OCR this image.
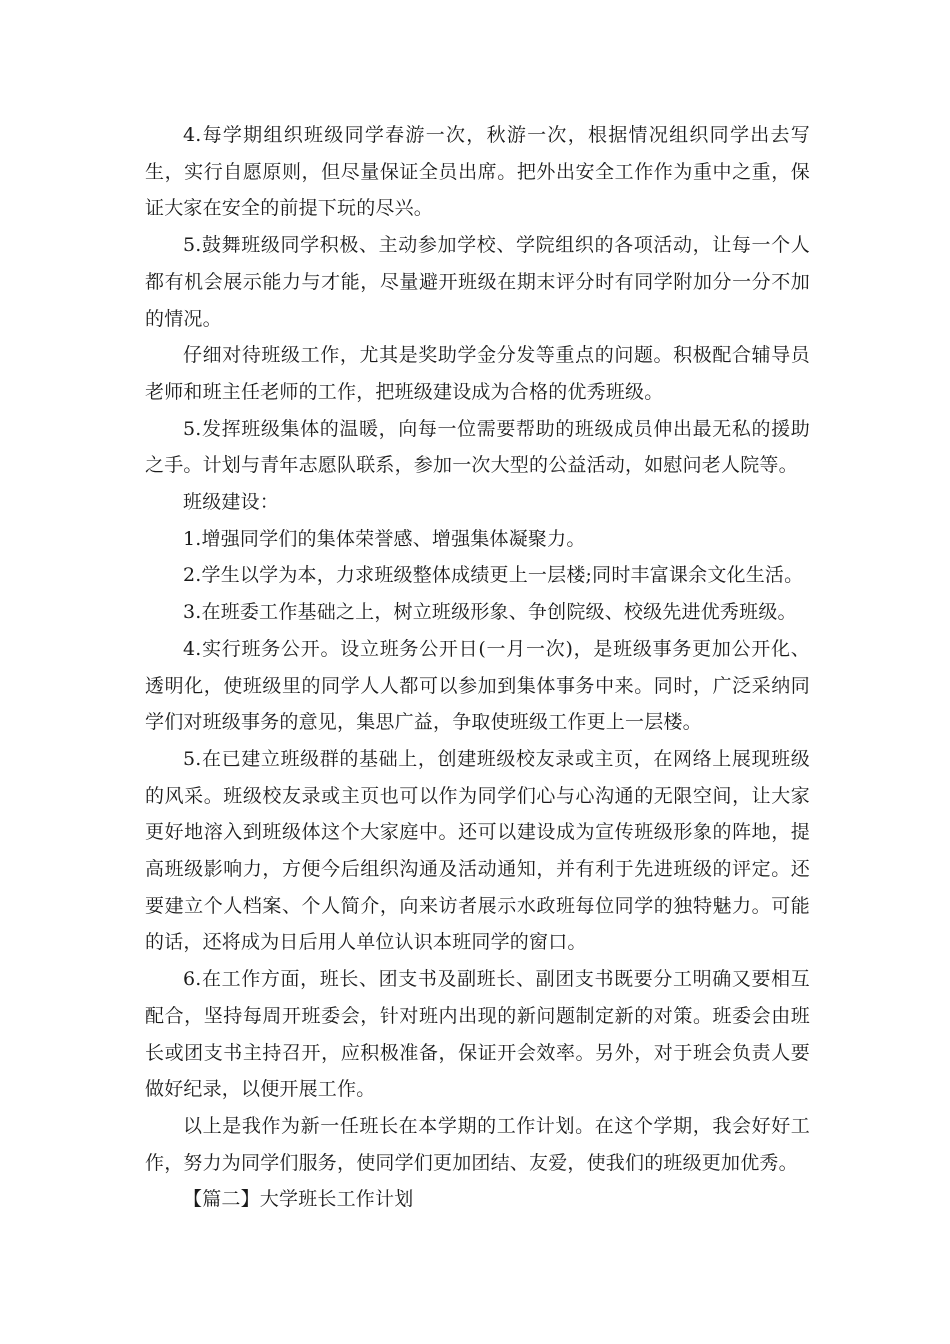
4.每学期组织班级同学春游一次，秋游一次，根据情况组织同学出去写生，实行自愿原则，但尽量保证全员出席。把外出安全工作作为重中之重，保证大家在安全的前提下玩的尽兴。

5.鼓舞班级同学积极、主动参加学校、学院组织的各项活动，让每一个人都有机会展示能力与才能，尽量避开班级在期末评分时有同学附加分一分不加的情况。

仔细对待班级工作，尤其是奖助学金分发等重点的问题。积极配合辅导员老师和班主任老师的工作，把班级建设成为合格的优秀班级。

5.发挥班级集体的温暖，向每一位需要帮助的班级成员伸出最无私的援助之手。计划与青年志愿队联系，参加一次大型的公益活动，如慰问老人院等。

班级建设：

1.增强同学们的集体荣誉感、增强集体凝聚力。

2.学生以学为本，力求班级整体成绩更上一层楼;同时丰富课余文化生活。

3.在班委工作基础之上，树立班级形象、争创院级、校级先进优秀班级。

4.实行班务公开。设立班务公开日(一月一次)，是班级事务更加公开化、透明化，使班级里的同学人人都可以参加到集体事务中来。同时，广泛采纳同学们对班级事务的意见，集思广益，争取使班级工作更上一层楼。

5.在已建立班级群的基础上，创建班级校友录或主页，在网络上展现班级的风采。班级校友录或主页也可以作为同学们心与心沟通的无限空间，让大家更好地溶入到班级体这个大家庭中。还可以建设成为宣传班级形象的阵地，提高班级影响力，方便今后组织沟通及活动通知，并有利于先进班级的评定。还要建立个人档案、个人简介，向来访者展示水政班每位同学的独特魅力。可能的话，还将成为日后用人单位认识本班同学的窗口。

6.在工作方面，班长、团支书及副班长、副团支书既要分工明确又要相互配合，坚持每周开班委会，针对班内出现的新问题制定新的对策。班委会由班长或团支书主持召开，应积极准备，保证开会效率。另外，对于班会负责人要做好纪录，以便开展工作。

以上是我作为新一任班长在本学期的工作计划。在这个学期，我会好好工作，努力为同学们服务，使同学们更加团结、友爱，使我们的班级更加优秀。

【篇二】大学班长工作计划
